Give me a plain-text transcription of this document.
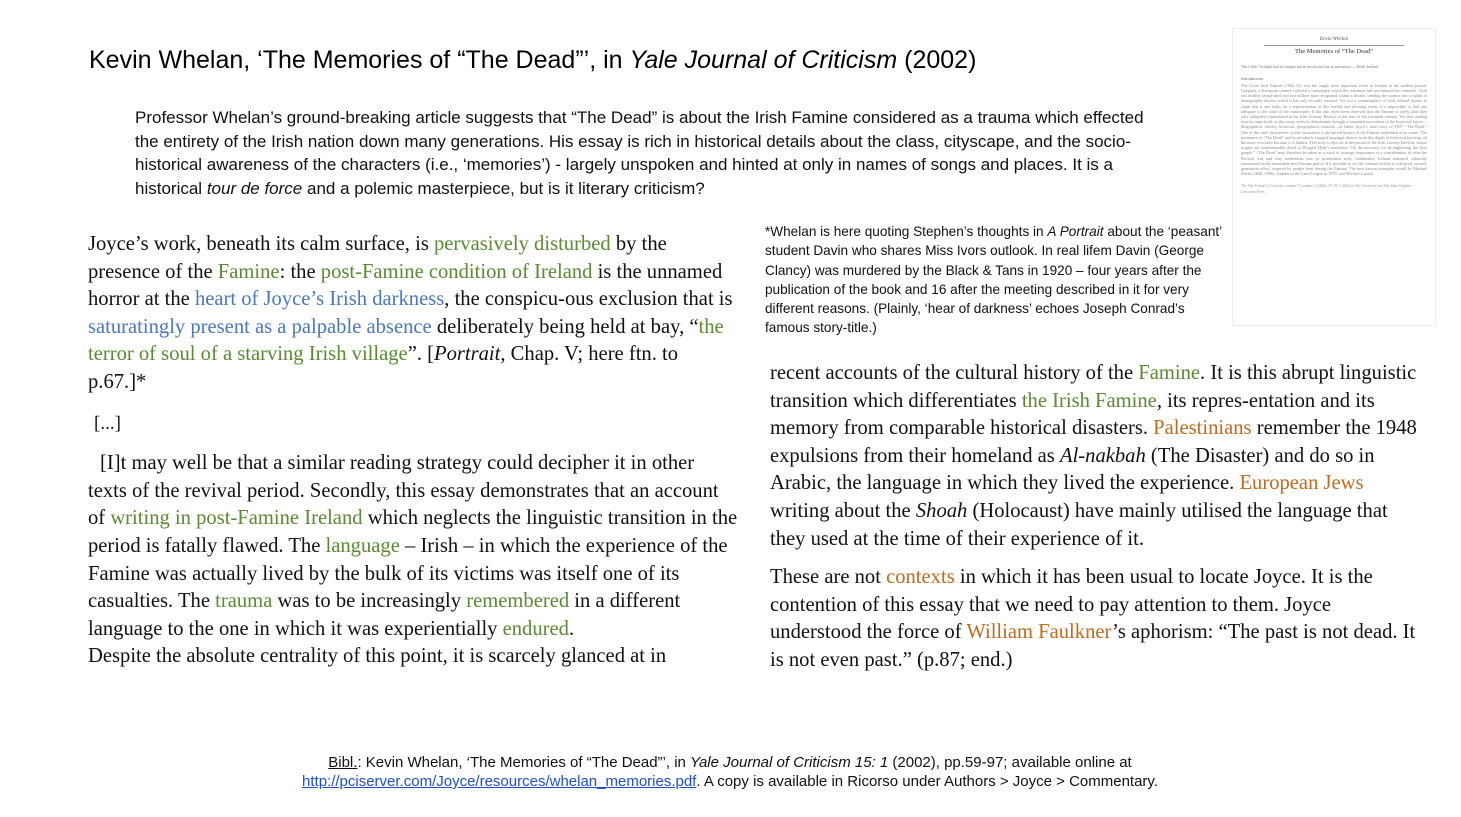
Kevin Whelan, ‘The Memories of “The Dead”’, in Yale Journal of Criticism (2002)
Professor Whelan’s ground-breaking article suggests that “The Dead” is about the Irish Famine considered as a trauma which effected the entirety of the Irish nation down many generations. His essay is rich in historical details about the class, cityscape, and the socio-historical awareness of the characters (i.e., ‘memories’) - largely unspoken and hinted at only in names of songs and places. It is a historical tour de force and a polemic masterpiece, but is it literary criticism?

Joyce’s work, beneath its calm surface, is pervasively disturbed by the presence of the Famine: the post-Famine condition of Ireland is the unnamed horror at the heart of Joyce’s Irish darkness, the conspicu-ous exclusion that is saturatingly present as a palpable absence deliberately being held at bay, “the terror of soul of a starving Irish village”. [Portrait, Chap. V; here ftn. to p.67.]*

[...]

[I]t may well be that a similar reading strategy could decipher it in other texts of the revival period. Secondly, this essay demonstrates that an account of writing in post-Famine Ireland which neglects the linguistic transition in the period is fatally flawed. The language – Irish – in which the experience of the Famine was actually lived by the bulk of its victims was itself one of its casualties. The trauma was to be increasingly remembered in a different language to the one in which it was experientially endured.

Despite the absolute centrality of this point, it is scarcely glanced at in

*Whelan is here quoting Stephen’s thoughts in A Portrait about the ‘peasant’ student Davin who shares Miss Ivors outlook. In real lifem Davin (George Clancy) was murdered by the Black & Tans in 1920 – four years after the publication of the book and 16 after the meeting described in it for very different reasons. (Plainly, ‘hear of darkness’ echoes Joseph Conrad’s famous story-title.)

recent accounts of the cultural history of the Famine. It is this abrupt linguistic transition which differentiates the Irish Famine, its repres-entation and its memory from comparable historical disasters. Palestinians remember the 1948 expulsions from their homeland as Al-nakbah (The Disaster) and do so in Arabic, the language in which they lived the experience. European Jews writing about the Shoah (Holocaust) have mainly utilised the language that they used at the time of their experience of it.

These are not contexts in which it has been usual to locate Joyce. It is the contention of this essay that we need to pay attention to them. Joyce understood the force of William Faulkner’s aphorism: “The past is not dead. It is not even past.” (p.87; end.)

Kevin Whelan
The Memories of “The Dead”
The Celtic Twilight had its origins not in mysticism but in starvation. —Denis Ireland
Introduction
The Great Irish Famine (1845–52) was the single most important event in Ireland in the modern period. Uniquely, a European country suffered a catastrophe which the continent had not endured for centuries. Over one million people died and two million more emigrated within a decade, sending the country into a spiral of demographic decline which it has only recently arrested. Yet it is a commonplace of Irish cultural history to claim that if one looks for a representation of this terrible and defining event, it is impossible to find one adequate to the scale of the catastrophe. It has also often been observed that the Famine is rarely (and then only obliquely) represented in the Irish Literary Revival at the turn of the twentieth century. Yet, this reading may be superficial, as this essay seeks to demonstrate through a sustained excavation of the historical layers—biographical, literary, historical, geographical, musical—of James Joyce’s short story of 1907, “The Dead.” One of the chief discoveries of this excavation is the buried history of the Famine embedded at its center. The resonance of “The Dead” and its peculiarly charged language derives from this depth of historical layering, all the more evocative because it is hidden. This story is also set in the period of the Irish Literary Revival, whose origins are conventionally dated to Douglas Hyde’s manifesto “On the necessity for de-anglicising the Irish people.” “The Dead” may therefore be taken as a work of strategic importance in a consideration of what the Revival was and why modernism was its preeminent style. Indubitably, Ireland remained culturally traumatised in the immediate post-Famine period. It is possible to see the cultural revival as a delayed, second-generation effect, inspired by people born during the Famine. The best known examples would be Michael Davitt (1846–1906), founder of the Land League in 1879, and Michael Cusack.
The Yale Journal of Criticism, volume 15, number 1 (2002): 59–97 © 2002 by Yale University and The Johns Hopkins University Press
Bibl.: Kevin Whelan, ‘The Memories of “The Dead”’, in Yale Journal of Criticism 15: 1 (2002), pp.59-97; available online at
http://pciserver.com/Joyce/resources/whelan_memories.pdf. A copy is available in Ricorso under Authors > Joyce > Commentary.
